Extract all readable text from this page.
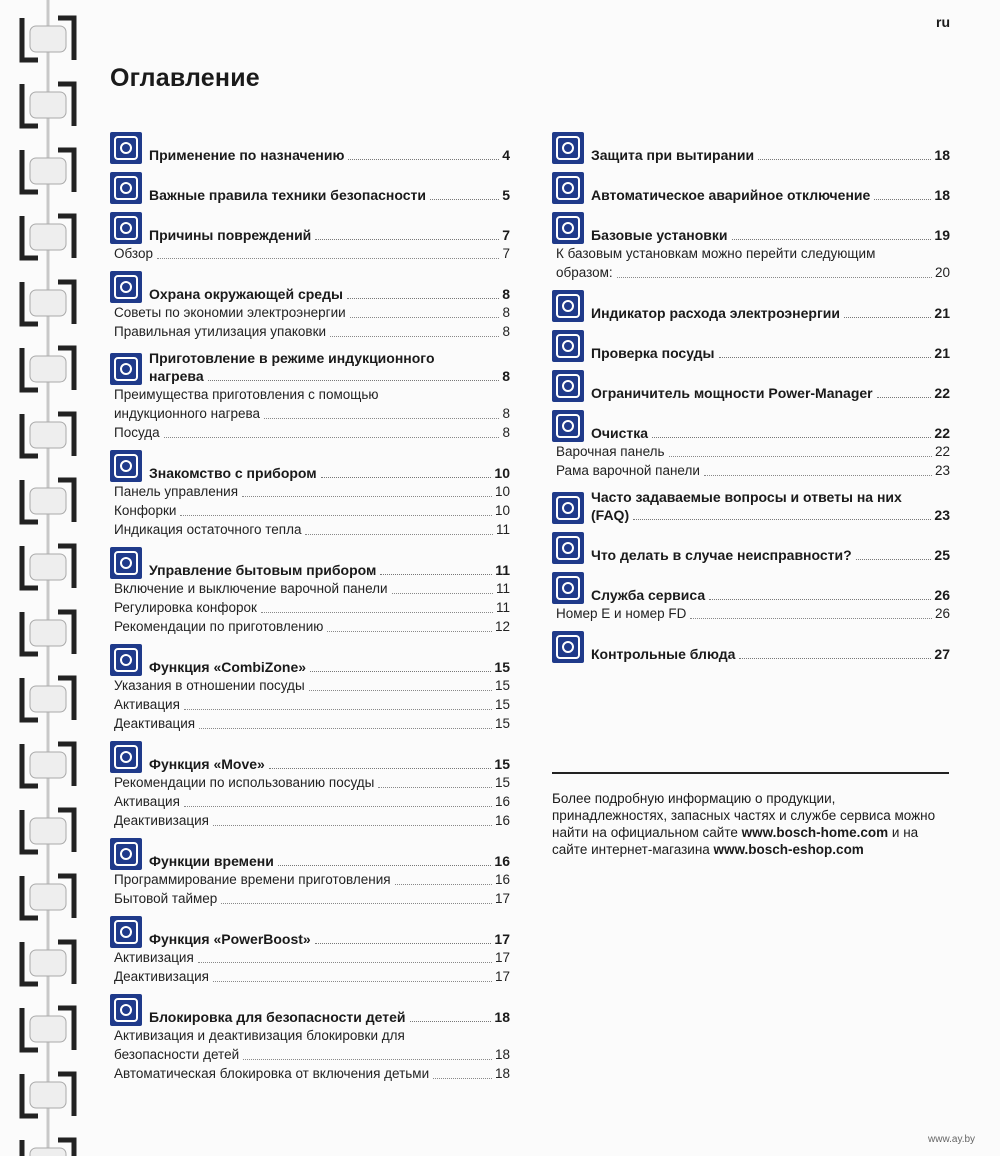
ru
Оглавление
Применение по назначению	4
Важные правила техники безопасности	5
Причины повреждений	7
Обзор	7
Охрана окружающей среды	8
Советы по экономии электроэнергии	8
Правильная утилизация упаковки	8
Приготовление в режиме индукционного
нагрева	8
Преимущества приготовления с помощью
индукционного нагрева	8
Посуда	8
Знакомство с прибором	10
Панель управления	10
Конфорки	10
Индикация остаточного тепла	11
Управление бытовым прибором	11
Включение и выключение варочной панели	11
Регулировка конфорок	11
Рекомендации по приготовлению	12
Функция «CombiZone»	15
Указания в отношении посуды	15
Активация	15
Деактивация	15
Функция «Move»	15
Рекомендации по использованию посуды	15
Активация	16
Деактивизация	16
Функции времени	16
Программирование времени приготовления	16
Бытовой таймер	17
Функция «PowerBoost»	17
Активизация	17
Деактивизация	17
Блокировка для безопасности детей	18
Активизация и деактивизация блокировки для
безопасности детей	18
Автоматическая блокировка от включения детьми	18
Защита при вытирании	18
Автоматическое аварийное отключение	18
Базовые установки	19
К базовым установкам можно перейти следующим
образом:	20
Индикатор расхода электроэнергии	21
Проверка посуды	21
Ограничитель мощности Power-Manager	22
Очистка	22
Варочная панель	22
Рама варочной панели	23
Часто задаваемые вопросы и ответы на них
(FAQ)	23
Что делать в случае неисправности?	25
Служба сервиса	26
Номер Е и номер FD	26
Контрольные блюда	27
Более подробную информацию о продукции, принадлежностях, запасных частях и службе сервиса можно найти на официальном сайте www.bosch-home.com и на сайте интернет-магазина www.bosch-eshop.com
www.ay.by
